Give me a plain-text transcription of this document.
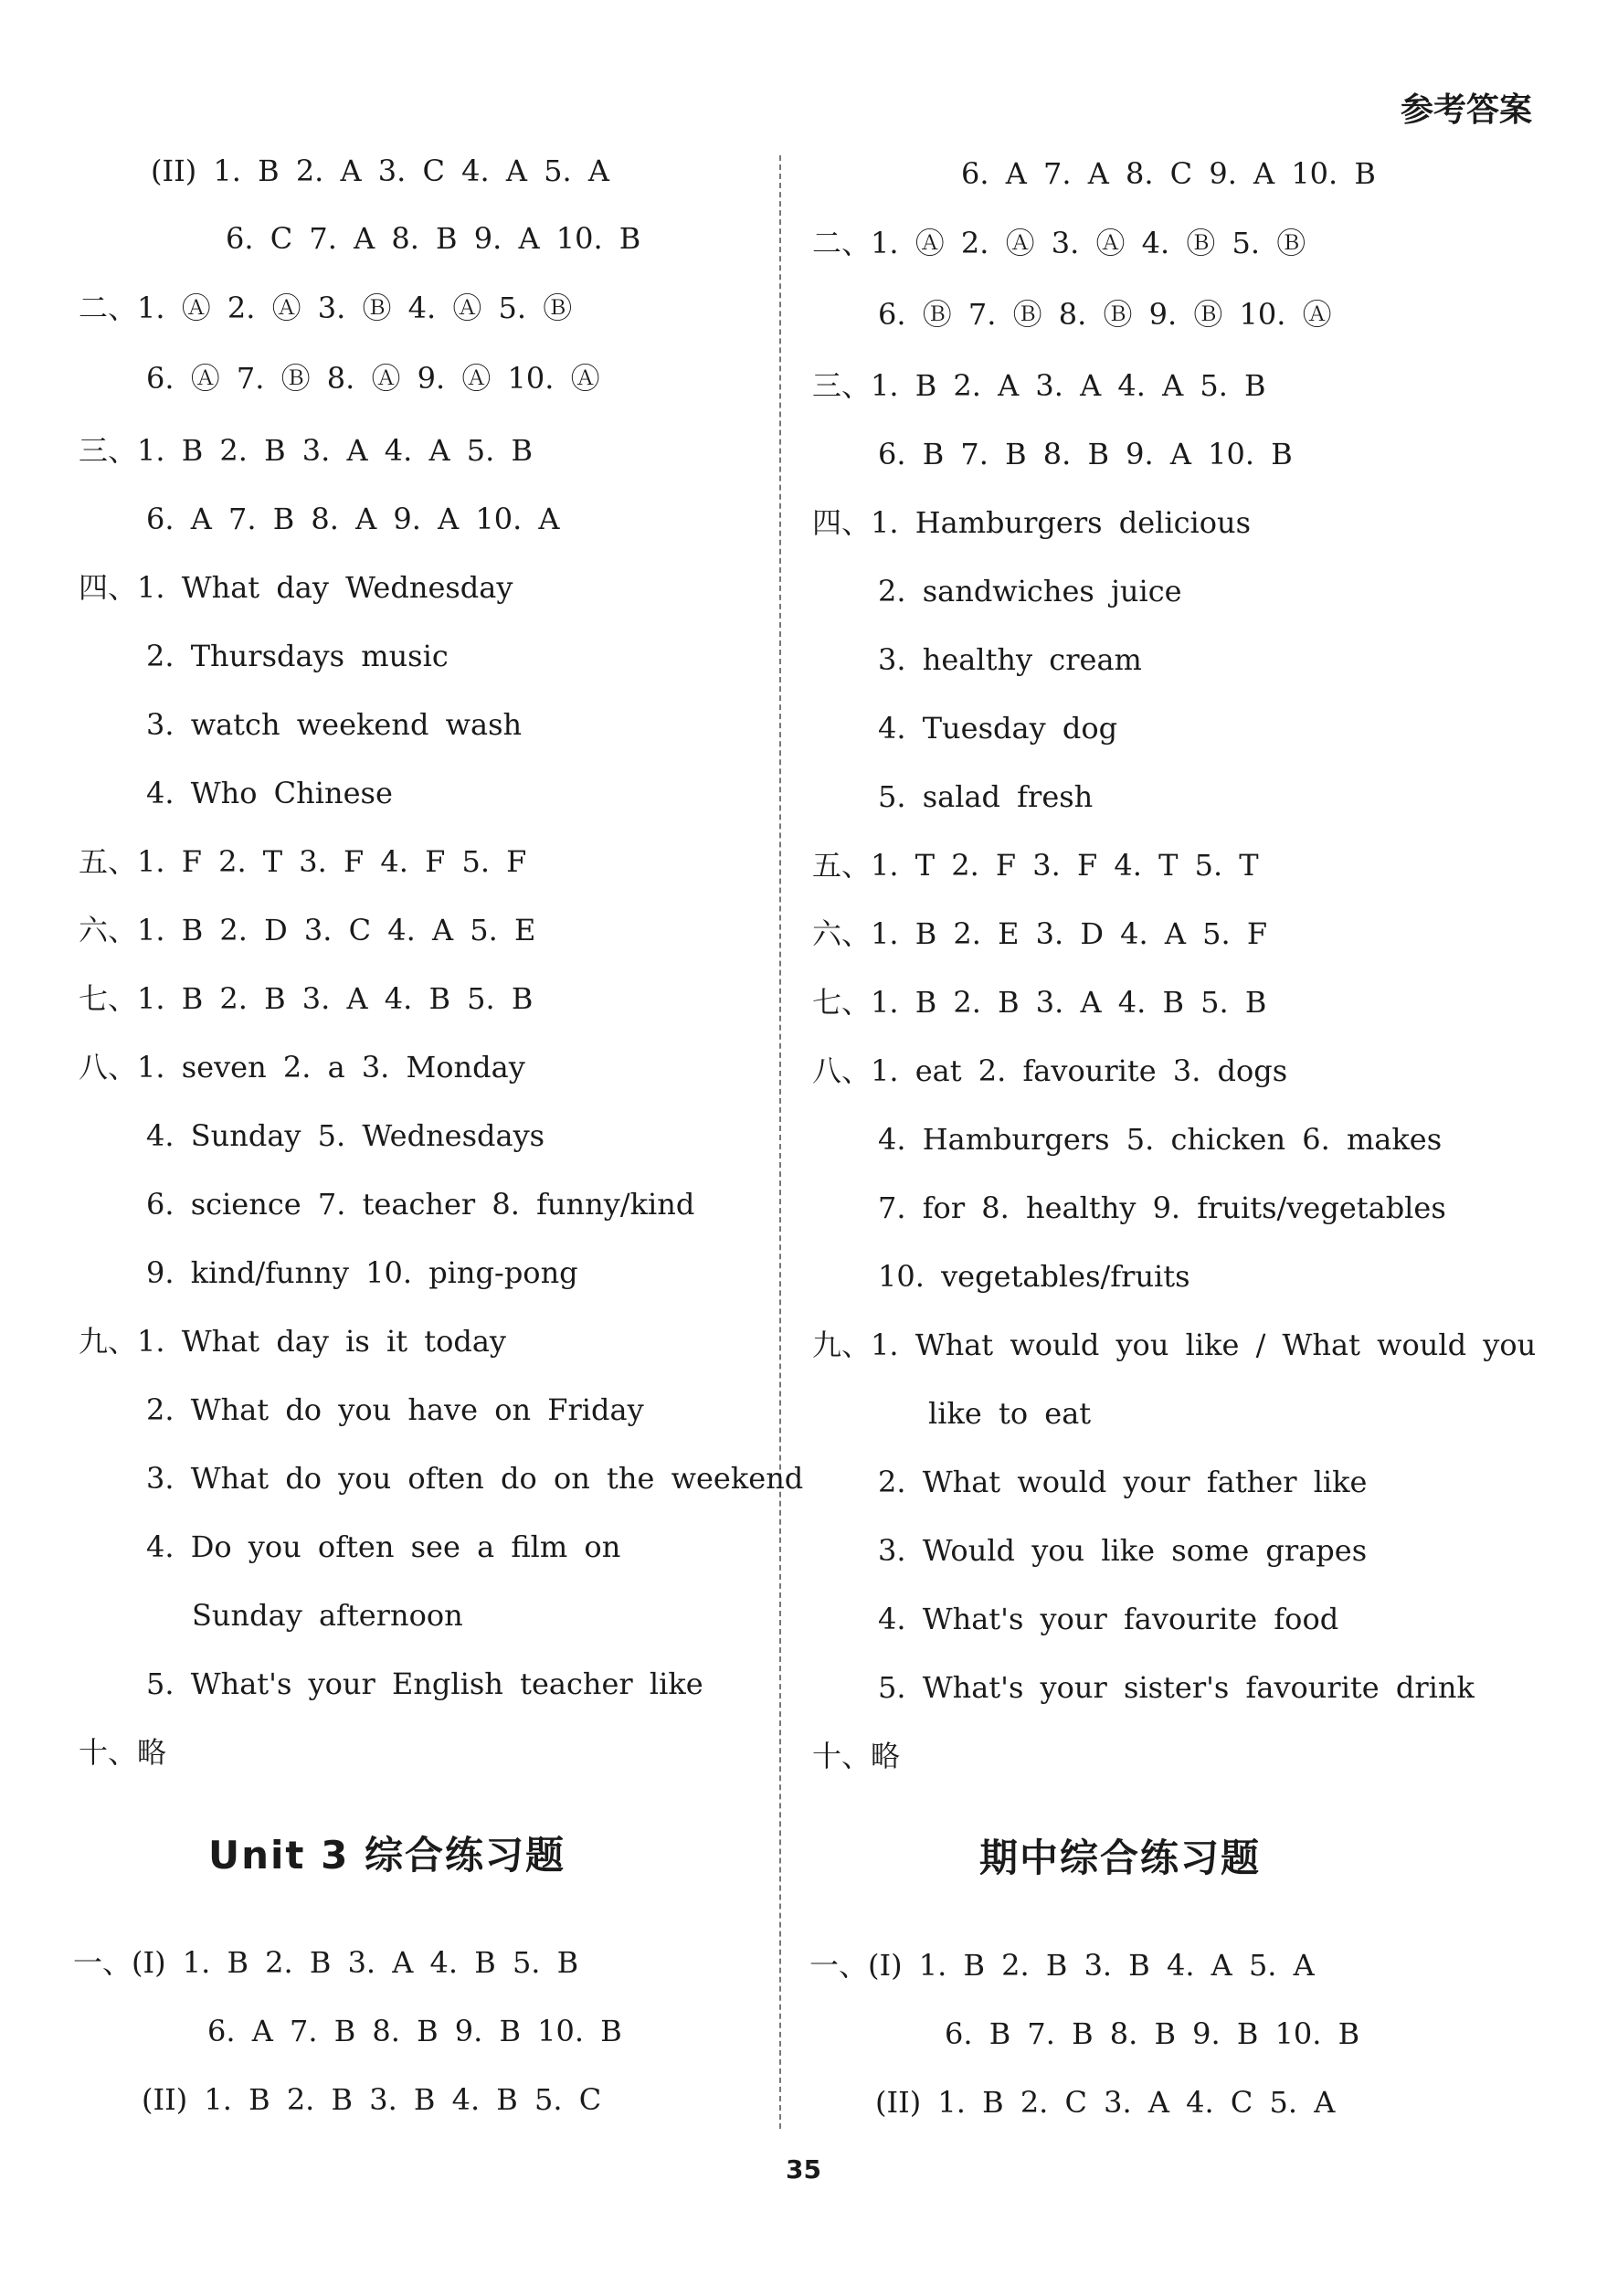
参考答案
(II) 1. B 2. A 3. C 4. A 5. A
6. C 7. A 8. B 9. A 10. B
二、1. Ⓐ 2. Ⓐ 3. Ⓑ 4. Ⓐ 5. Ⓑ
6. Ⓐ 7. Ⓑ 8. Ⓐ 9. Ⓐ 10. Ⓐ
三、1. B 2. B 3. A 4. A 5. B
6. A 7. B 8. A 9. A 10. A
四、1. What day Wednesday
2. Thursdays music
3. watch weekend wash
4. Who Chinese
五、1. F 2. T 3. F 4. F 5. F
六、1. B 2. D 3. C 4. A 5. E
七、1. B 2. B 3. A 4. B 5. B
八、1. seven 2. a 3. Monday
4. Sunday 5. Wednesdays
6. science 7. teacher 8. funny/kind
9. kind/funny 10. ping-pong
九、1. What day is it today
2. What do you have on Friday
3. What do you often do on the weekend
4. Do you often see a film on
Sunday afternoon
5. What's your English teacher like
十、略
Unit 3 综合练习题
一、(I) 1. B 2. B 3. A 4. B 5. B
6. A 7. B 8. B 9. B 10. B
(II) 1. B 2. B 3. B 4. B 5. C
6. A 7. A 8. C 9. A 10. B
二、1. Ⓐ 2. Ⓐ 3. Ⓐ 4. Ⓑ 5. Ⓑ
6. Ⓑ 7. Ⓑ 8. Ⓑ 9. Ⓑ 10. Ⓐ
三、1. B 2. A 3. A 4. A 5. B
6. B 7. B 8. B 9. A 10. B
四、1. Hamburgers delicious
2. sandwiches juice
3. healthy cream
4. Tuesday dog
5. salad fresh
五、1. T 2. F 3. F 4. T 5. T
六、1. B 2. E 3. D 4. A 5. F
七、1. B 2. B 3. A 4. B 5. B
八、1. eat 2. favourite 3. dogs
4. Hamburgers 5. chicken 6. makes
7. for 8. healthy 9. fruits/vegetables
10. vegetables/fruits
九、1. What would you like / What would you
like to eat
2. What would your father like
3. Would you like some grapes
4. What's your favourite food
5. What's your sister's favourite drink
十、略
期中综合练习题
一、(I) 1. B 2. B 3. B 4. A 5. A
6. B 7. B 8. B 9. B 10. B
(II) 1. B 2. C 3. A 4. C 5. A
35
